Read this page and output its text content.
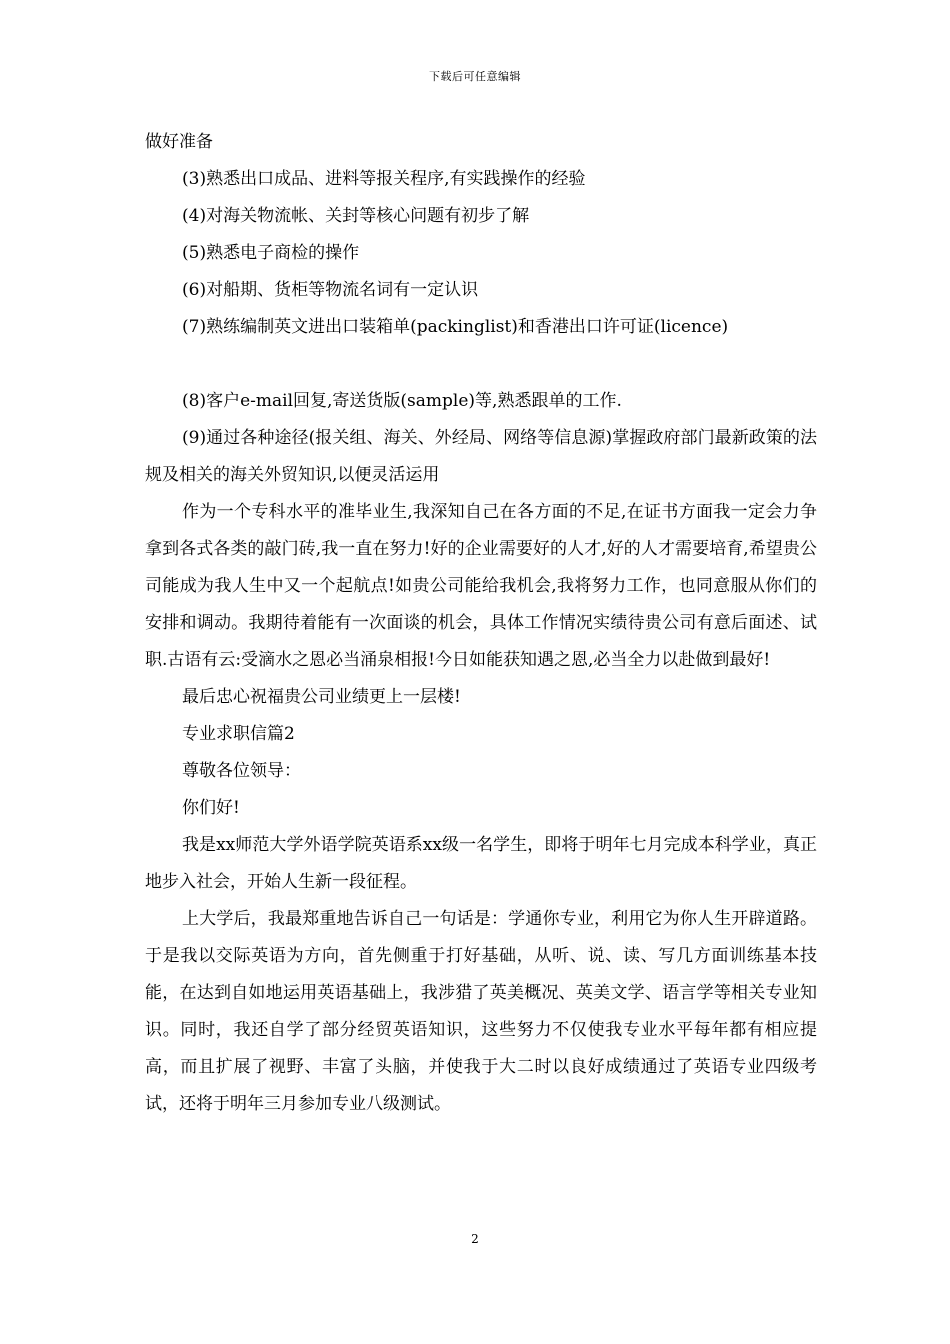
下载后可任意编辑

做好准备

(3)熟悉出口成品、进料等报关程序,有实践操作的经验

(4)对海关物流帐、关封等核心问题有初步了解

(5)熟悉电子商检的操作

(6)对船期、货柜等物流名词有一定认识

(7)熟练编制英文进出口装箱单(packinglist)和香港出口许可证(licence)

(8)客户e-mail回复,寄送货版(sample)等,熟悉跟单的工作.

(9)通过各种途径(报关组、海关、外经局、网络等信息源)掌握政府部门最新政策的法规及相关的海关外贸知识,以便灵活运用

作为一个专科水平的准毕业生,我深知自己在各方面的不足,在证书方面我一定会力争拿到各式各类的敲门砖,我一直在努力!好的企业需要好的人才,好的人才需要培育,希望贵公司能成为我人生中又一个起航点!如贵公司能给我机会,我将努力工作，也同意服从你们的安排和调动。我期待着能有一次面谈的机会，具体工作情况实绩待贵公司有意后面述、试职.古语有云:受滴水之恩必当涌泉相报!今日如能获知遇之恩,必当全力以赴做到最好!

最后忠心祝福贵公司业绩更上一层楼!

专业求职信篇2

尊敬各位领导：

你们好!

我是xx师范大学外语学院英语系xx级一名学生，即将于明年七月完成本科学业，真正地步入社会，开始人生新一段征程。

上大学后，我最郑重地告诉自己一句话是：学通你专业，利用它为你人生开辟道路。于是我以交际英语为方向，首先侧重于打好基础，从听、说、读、写几方面训练基本技能，在达到自如地运用英语基础上，我涉猎了英美概况、英美文学、语言学等相关专业知识。同时，我还自学了部分经贸英语知识，这些努力不仅使我专业水平每年都有相应提高，而且扩展了视野、丰富了头脑，并使我于大二时以良好成绩通过了英语专业四级考试，还将于明年三月参加专业八级测试。

2
